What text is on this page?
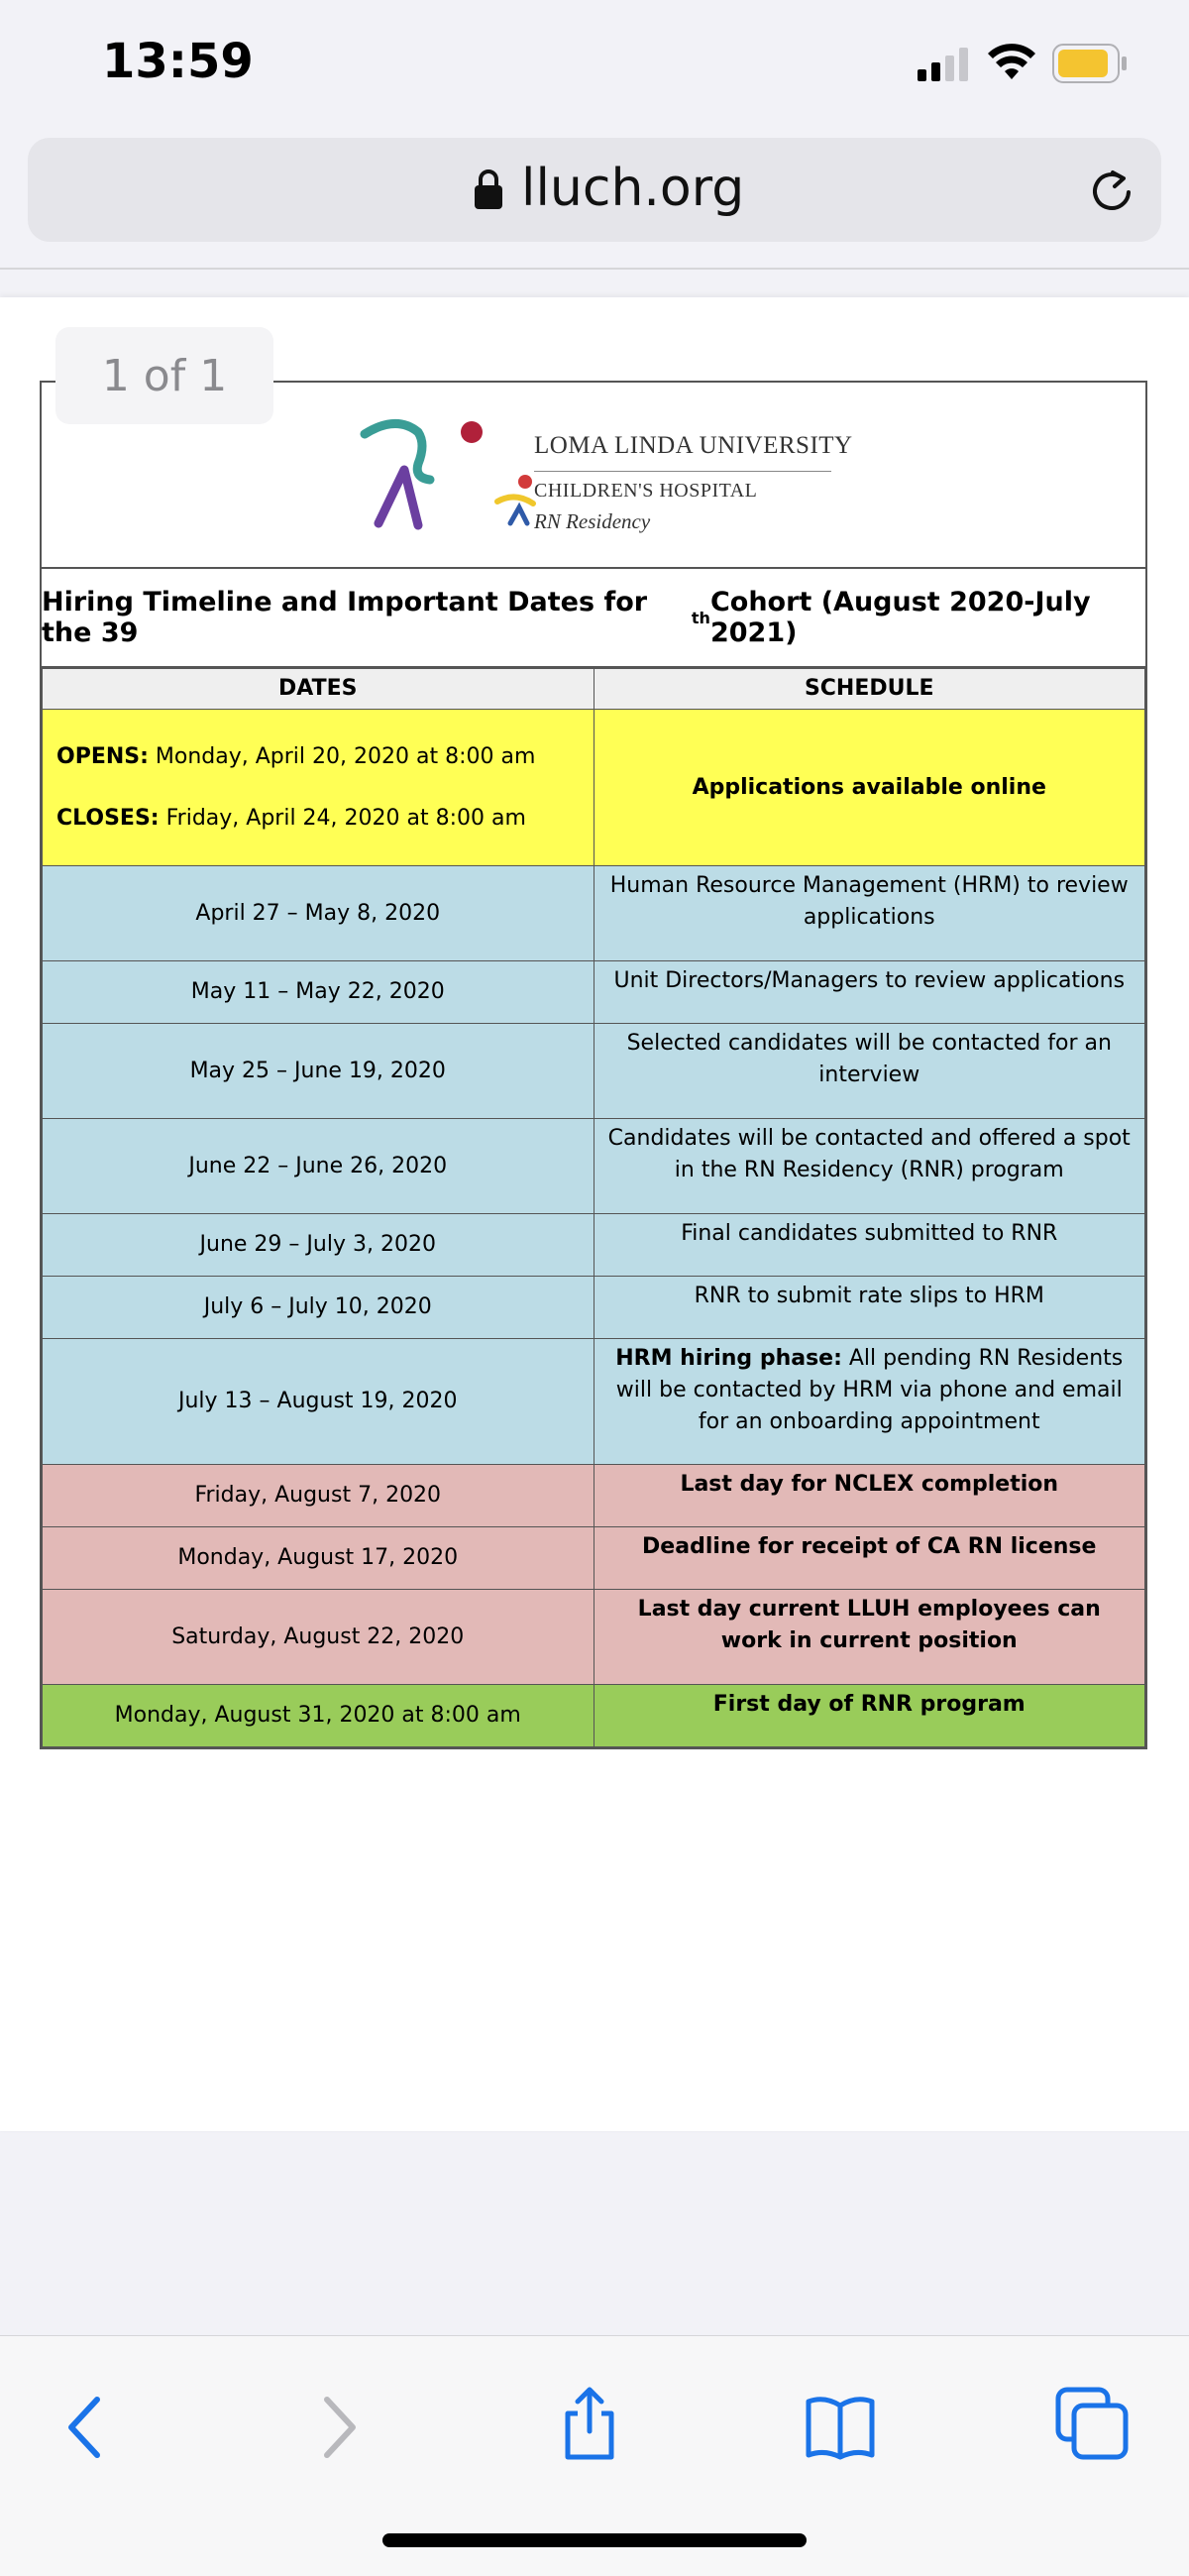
13:59
lluch.org
LOMA LINDA UNIVERSITY
CHILDREN'S HOSPITAL
RN Residency
Hiring Timeline and Important Dates for the 39	th Cohort (August 2020-July 2021)
DATES	SCHEDULE

OPENS: Monday, April 20, 2020 at 8:00 am
CLOSES: Friday, April 24, 2020 at 8:00 am	Applications available online
April 27 – May 8, 2020	Human Resource Management (HRM) to review applications
May 11 – May 22, 2020	Unit Directors/Managers to review applications
May 25 – June 19, 2020	Selected candidates will be contacted for an interview
June 22 – June 26, 2020	Candidates will be contacted and offered a spot in the RN Residency (RNR) program
June 29 – July 3, 2020	Final candidates submitted to RNR
July 6 – July 10, 2020	RNR to submit rate slips to HRM
July 13 – August 19, 2020	HRM hiring phase: All pending RN Residents will be contacted by HRM via phone and email for an onboarding appointment
Friday, August 7, 2020	Last day for NCLEX completion
Monday, August 17, 2020	Deadline for receipt of CA RN license
Saturday, August 22, 2020	Last day current LLUH employees can work in current position
Monday, August 31, 2020 at 8:00 am	First day of RNR program
1 of 1
